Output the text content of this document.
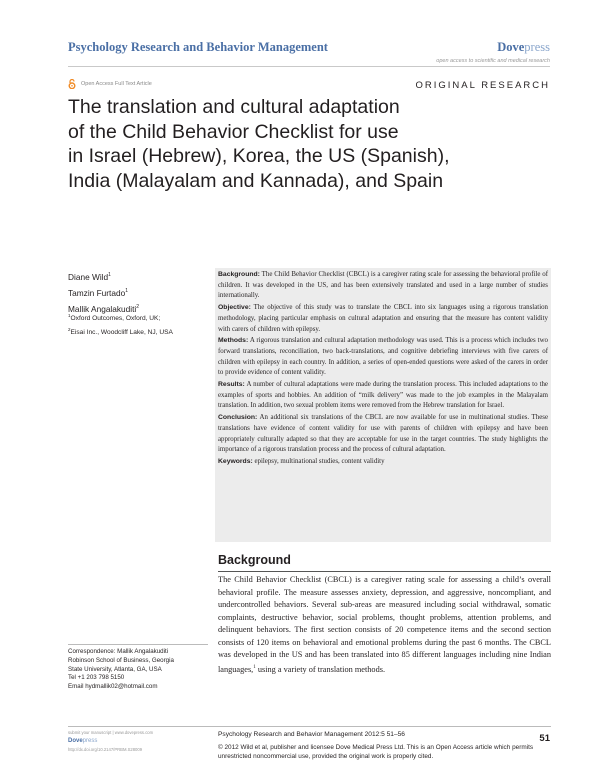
Psychology Research and Behavior Management	Dovepress
open access to scientific and medical research
Open Access Full Text Article	ORIGINAL RESEARCH
The translation and cultural adaptation
of the Child Behavior Checklist for use
in Israel (Hebrew), Korea, the US (Spanish),
India (Malayalam and Kannada), and Spain
Diane Wild$^1$
Tamzin Furtado$^1$
Mallik Angalakuditi$^2$
$^1$Oxford Outcomes, Oxford, UK;
$^2$Eisai Inc., Woodcliff Lake, NJ, USA

Background: The Child Behavior Checklist (CBCL) is a caregiver rating scale for assessing the behavioral profile of children. It was developed in the US, and has been extensively translated and used in a large number of studies internationally.

Objective: The objective of this study was to translate the CBCL into six languages using a rigorous translation methodology, placing particular emphasis on cultural adaptation and ensuring that the measure has content validity with carers of children with epilepsy.

Methods: A rigorous translation and cultural adaptation methodology was used. This is a process which includes two forward translations, reconciliation, two back-translations, and cognitive debriefing interviews with five carers of children with epilepsy in each country. In addition, a series of open-ended questions were asked of the carers in order to provide evidence of content validity.

Results: A number of cultural adaptations were made during the translation process. This included adaptations to the examples of sports and hobbies. An addition of “milk delivery” was made to the job examples in the Malayalam translation. In addition, two sexual problem items were removed from the Hebrew translation for Israel.

Conclusion: An additional six translations of the CBCL are now available for use in multinational studies. These translations have evidence of content validity for use with parents of children with epilepsy and have been appropriately culturally adapted so that they are acceptable for use in the target countries. The study highlights the importance of a rigorous translation process and the process of cultural adaptation.

Keywords: epilepsy, multinational studies, content validity

Background
The Child Behavior Checklist (CBCL) is a caregiver rating scale for assessing a child’s overall behavioral profile. The measure assesses anxiety, depression, and aggressive, noncompliant, and undercontrolled behaviors. Several sub-areas are measured including social withdrawal, somatic complaints, destructive behavior, social problems, thought problems, attention problems, and delinquent behaviors. The first section consists of 20 competence items and the second section consists of 120 items on behavioral and emotional problems during the past 6 months. The CBCL was developed in the US and has been translated into 85 different languages including nine Indian languages,$^1$ using a variety of translation methods.
Correspondence: Mallik Angalakuditi
Robinson School of Business, Georgia
State University, Atlanta, GA, USA
Tel +1 203 798 5150
Email hydmallik02@hotmail.com
submit your manuscript | www.dovepress.com
Dovepress
http://dx.doi.org/10.2147/PRBM.S28009
Psychology Research and Behavior Management 2012:5 51–56	51
© 2012 Wild et al, publisher and licensee Dove Medical Press Ltd. This is an Open Access article which permits unrestricted noncommercial use, provided the original work is properly cited.
